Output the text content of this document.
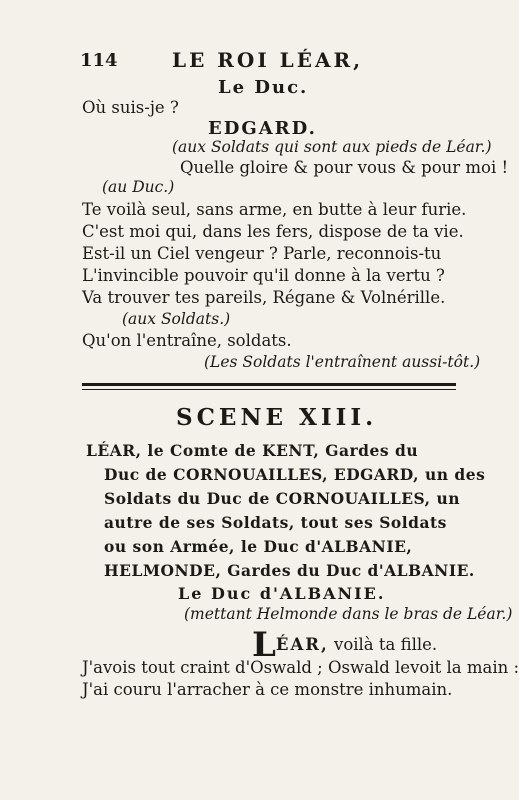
114	LE ROI LÉAR,
Le Duc.
Où suis-je ?
EDGARD.
(aux Soldats qui sont aux pieds de Léar.)
Quelle gloire & pour vous & pour moi !
(au Duc.)
Te voilà seul, sans arme, en butte à leur furie.
C'est moi qui, dans les fers, dispose de ta vie.
Est-il un Ciel vengeur ? Parle, reconnois-tu
L'invincible pouvoir qu'il donne à la vertu ?
Va trouver tes pareils, Régane & Volnérille.
(aux Soldats.)
Qu'on l'entraîne, soldats.
(Les Soldats l'entraînent aussi-tôt.)
SCENE XIII.
LÉAR, le Comte de KENT, Gardes du
Duc de CORNOUAILLES, EDGARD, un des
Soldats du Duc de CORNOUAILLES, un
autre de ses Soldats, tout ses Soldats
ou son Armée, le Duc d'ALBANIE,
HELMONDE, Gardes du Duc d'ALBANIE.
Le Duc d'ALBANIE.
(mettant Helmonde dans le bras de Léar.)
LÉAR, voilà ta fille.
J'avois tout craint d'Oswald ; Oswald levoit la main :
J'ai couru l'arracher à ce monstre inhumain.
